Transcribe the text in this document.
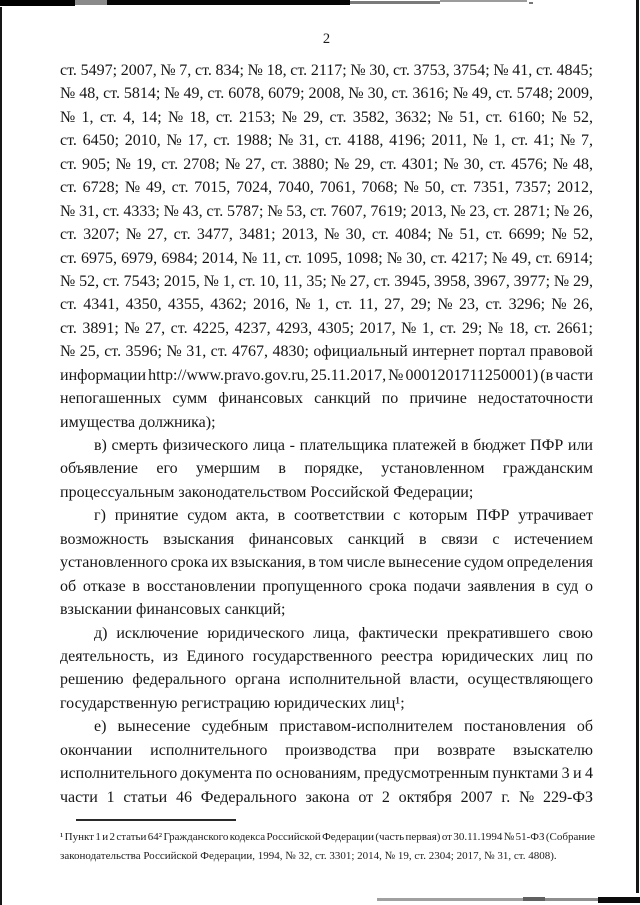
2
ст. 5497; 2007, № 7, ст. 834; № 18, ст. 2117; № 30, ст. 3753, 3754; № 41, ст. 4845;
№ 48, ст. 5814; № 49, ст. 6078, 6079; 2008, № 30, ст. 3616; № 49, ст. 5748; 2009,
№ 1, ст. 4, 14; № 18, ст. 2153; № 29, ст. 3582, 3632; № 51, ст. 6160; № 52,
ст. 6450; 2010, № 17, ст. 1988; № 31, ст. 4188, 4196; 2011, № 1, ст. 41; № 7,
ст. 905; № 19, ст. 2708; № 27, ст. 3880; № 29, ст. 4301; № 30, ст. 4576; № 48,
ст. 6728; № 49, ст. 7015, 7024, 7040, 7061, 7068; № 50, ст. 7351, 7357; 2012,
№ 31, ст. 4333; № 43, ст. 5787; № 53, ст. 7607, 7619; 2013, № 23, ст. 2871; № 26,
ст. 3207; № 27, ст. 3477, 3481; 2013, № 30, ст. 4084; № 51, ст. 6699; № 52,
ст. 6975, 6979, 6984; 2014, № 11, ст. 1095, 1098; № 30, ст. 4217; № 49, ст. 6914;
№ 52, ст. 7543; 2015, № 1, ст. 10, 11, 35; № 27, ст. 3945, 3958, 3967, 3977; № 29,
ст. 4341, 4350, 4355, 4362; 2016, № 1, ст. 11, 27, 29; № 23, ст. 3296; № 26,
ст. 3891; № 27, ст. 4225, 4237, 4293, 4305; 2017, № 1, ст. 29; № 18, ст. 2661;
№ 25, ст. 3596; № 31, ст. 4767, 4830; официальный интернет портал правовой
информации http://www.pravo.gov.ru, 25.11.2017, № 0001201711250001) (в части
непогашенных сумм финансовых санкций по причине недостаточности
имущества должника);
в) смерть физического лица - плательщика платежей в бюджет ПФР или
объявление его умершим в порядке, установленном гражданским
процессуальным законодательством Российской Федерации;
г) принятие судом акта, в соответствии с которым ПФР утрачивает
возможность взыскания финансовых санкций в связи с истечением
установленного срока их взыскания, в том числе вынесение судом определения
об отказе в восстановлении пропущенного срока подачи заявления в суд о
взыскании финансовых санкций;
д) исключение юридического лица, фактически прекратившего свою
деятельность, из Единого государственного реестра юридических лиц по
решению федерального органа исполнительной власти, осуществляющего
государственную регистрацию юридических лиц¹;
е) вынесение судебным приставом-исполнителем постановления об
окончании исполнительного производства при возврате взыскателю
исполнительного документа по основаниям, предусмотренным пунктами 3 и 4
части 1 статьи 46 Федерального закона от 2 октября 2007 г. № 229-ФЗ
¹ Пункт 1 и 2 статьи 64² Гражданского кодекса Российской Федерации (часть первая) от 30.11.1994 № 51-ФЗ (Собрание
законодательства Российской Федерации, 1994, № 32, ст. 3301; 2014, № 19, ст. 2304; 2017, № 31, ст. 4808).
